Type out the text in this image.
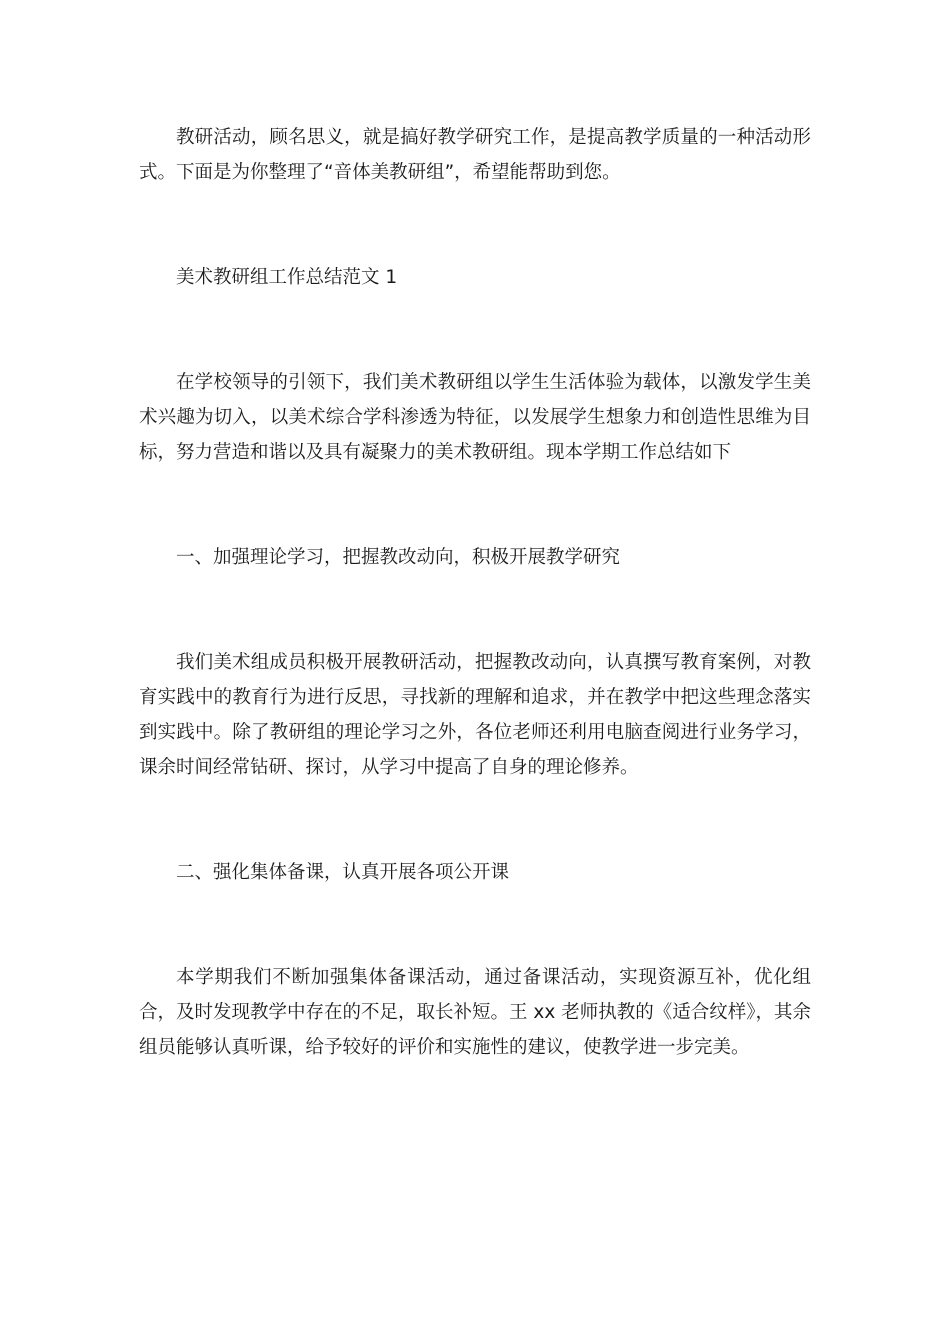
教研活动，顾名思义，就是搞好教学研究工作，是提高教学质量的一种活动形式。下面是为你整理了“音体美教研组”，希望能帮助到您。

美术教研组工作总结范文 1

在学校领导的引领下，我们美术教研组以学生生活体验为载体，以激发学生美术兴趣为切入，以美术综合学科渗透为特征，以发展学生想象力和创造性思维为目标，努力营造和谐以及具有凝聚力的美术教研组。现本学期工作总结如下

一、加强理论学习，把握教改动向，积极开展教学研究

我们美术组成员积极开展教研活动，把握教改动向，认真撰写教育案例，对教育实践中的教育行为进行反思，寻找新的理解和追求，并在教学中把这些理念落实到实践中。除了教研组的理论学习之外，各位老师还利用电脑查阅进行业务学习，课余时间经常钻研、探讨，从学习中提高了自身的理论修养。

二、强化集体备课，认真开展各项公开课

本学期我们不断加强集体备课活动，通过备课活动，实现资源互补，优化组合，及时发现教学中存在的不足，取长补短。王 xx 老师执教的《适合纹样》，其余组员能够认真听课，给予较好的评价和实施性的建议，使教学进一步完美。
